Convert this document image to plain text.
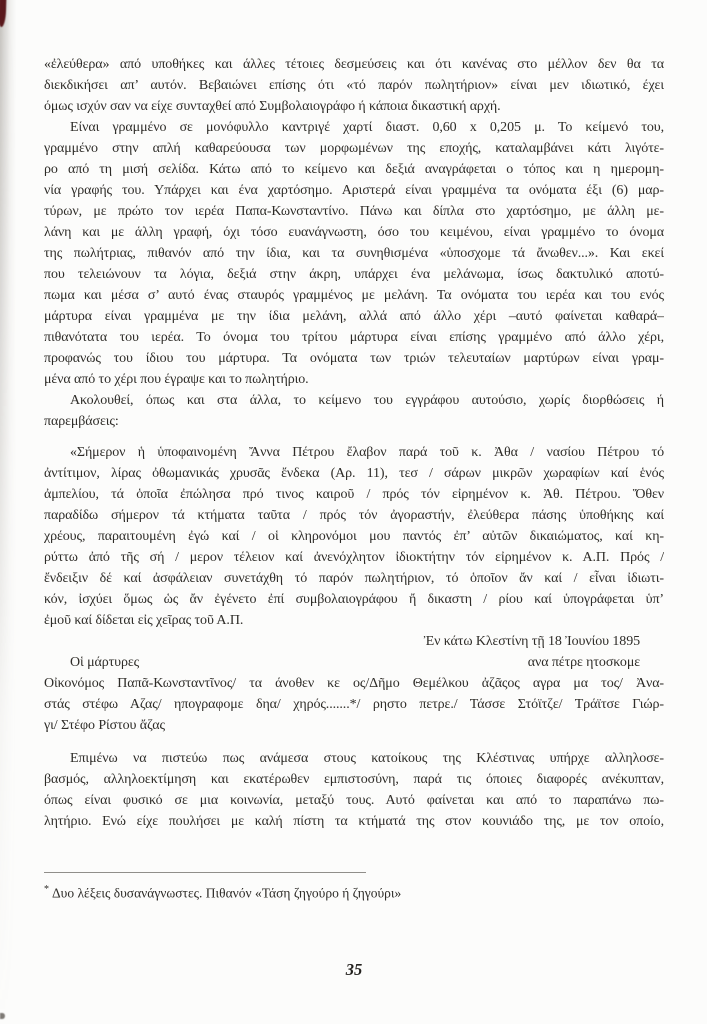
«ἐλεύθερα» από υποθήκες και άλλες τέτοιες δεσμεύσεις και ότι κανένας στο μέλλον δεν θα τα
διεκδικήσει απ’ αυτόν. Βεβαιώνει επίσης ότι «τό παρόν πωλητήριον» είναι μεν ιδιωτικό, έχει
όμως ισχύν σαν να είχε συνταχθεί από Συμβολαιογράφο ή κάποια δικαστική αρχή.
Είναι γραμμένο σε μονόφυλλο καντριγέ χαρτί διαστ. 0,60 x 0,205 μ. Το κείμενό του,
γραμμένο στην απλή καθαρεύουσα των μορφωμένων της εποχής, καταλαμβάνει κάτι λιγότε-
ρο από τη μισή σελίδα. Κάτω από το κείμενο και δεξιά αναγράφεται ο τόπος και η ημερομη-
νία γραφής του. Υπάρχει και ένα χαρτόσημο. Αριστερά είναι γραμμένα τα ονόματα έξι (6) μαρ-
τύρων, με πρώτο τον ιερέα Παπα-Κωνσταντίνο. Πάνω και δίπλα στο χαρτόσημο, με άλλη με-
λάνη και με άλλη γραφή, όχι τόσο ευανάγνωστη, όσο του κειμένου, είναι γραμμένο το όνομα
της πωλήτριας, πιθανόν από την ίδια, και τα συνηθισμένα «ὑποσχομε τά ἄνωθεν...». Και εκεί
που τελειώνουν τα λόγια, δεξιά στην άκρη, υπάρχει ένα μελάνωμα, ίσως δακτυλικό αποτύ-
πωμα και μέσα σ’ αυτό ένας σταυρός γραμμένος με μελάνη. Τα ονόματα του ιερέα και του ενός
μάρτυρα είναι γραμμένα με την ίδια μελάνη, αλλά από άλλο χέρι –αυτό φαίνεται καθαρά–
πιθανότατα του ιερέα. Το όνομα του τρίτου μάρτυρα είναι επίσης γραμμένο από άλλο χέρι,
προφανώς του ίδιου του μάρτυρα. Τα ονόματα των τριών τελευταίων μαρτύρων είναι γραμ-
μένα από το χέρι που έγραψε και το πωλητήριο.
Ακολουθεί, όπως και στα άλλα, το κείμενο του εγγράφου αυτούσιο, χωρίς διορθώσεις ή
παρεμβάσεις:
«Σήμερον ἡ ὑποφαινομένη Ἄννα Πέτρου ἔλαβον παρά τοῦ κ. Ἀθα / νασίου Πέτρου τό
ἀντίτιμον, λίρας ὀθωμανικάς χρυσᾶς ἔνδεκα (Αρ. 11), τεσ / σάρων μικρῶν χωραφίων καί ἑνός
ἀμπελίου, τά ὁποῖα ἐπώλησα πρό τινος καιροῦ / πρός τόν εἰρημένον κ. Ἀθ. Πέτρου. Ὅθεν
παραδίδω σήμερον τά κτήματα ταῦτα / πρός τόν ἀγοραστήν, ἐλεύθερα πάσης ὑποθήκης καί
χρέους, παραιτουμένη ἐγώ καί / οἱ κληρονόμοι μου παντός ἐπ’ αὐτῶν δικαιώματος, καί κη-
ρύττω ἀπό τῆς σή / μερον τέλειον καί ἀνενόχλητον ἰδιοκτήτην τόν εἰρημένον κ. Α.Π. Πρός /
ἔνδειξιν δέ καί ἀσφάλειαν συνετάχθη τό παρόν πωλητήριον, τό ὁποῖον ἄν καί / εἶναι ἰδιωτι-
κόν, ἰσχύει ὅμως ὡς ἄν ἐγένετο ἐπί συμβολαιογράφου ἤ δικαστη / ρίου καί ὑπογράφεται ὑπ’
ἐμοῦ καί δίδεται εἰς χεῖρας τοῦ Α.Π.
Ἐν κάτω Κλεστίνη τῇ 18 Ἰουνίου 1895
Οἱ μάρτυρες	ανα πέτρε ητοσκομε
Οἰκονόμος Παπᾶ-Κωνσταντῖνος/ τα άνοθεν κε ος/Δῆμο Θεμέλκου ἀζᾶςος αγρα μα τος/ Ἀνα-
στάς στέφω Αζας/ ηπογραφομε δηα/ χηρός.......*/ ρηστο πετρε./ Τάσσε Στόϊτζε/ Τράϊτσε Γιώρ-
γι/ Στέφο Ρίστου ἄζας
Επιμένω να πιστεύω πως ανάμεσα στους κατοίκους της Κλέστινας υπήρχε αλληλοσε-
βασμός, αλληλοεκτίμηση και εκατέρωθεν εμπιστοσύνη, παρά τις όποιες διαφορές ανέκυπταν,
όπως είναι φυσικό σε μια κοινωνία, μεταξύ τους. Αυτό φαίνεται και από το παραπάνω πω-
λητήριο. Ενώ είχε πουλήσει με καλή πίστη τα κτήματά της στον κουνιάδο της, με τον οποίο,
* Δυο λέξεις δυσανάγνωστες. Πιθανόν «Τάση ζηγούρο ή ζηγούρι»
35
